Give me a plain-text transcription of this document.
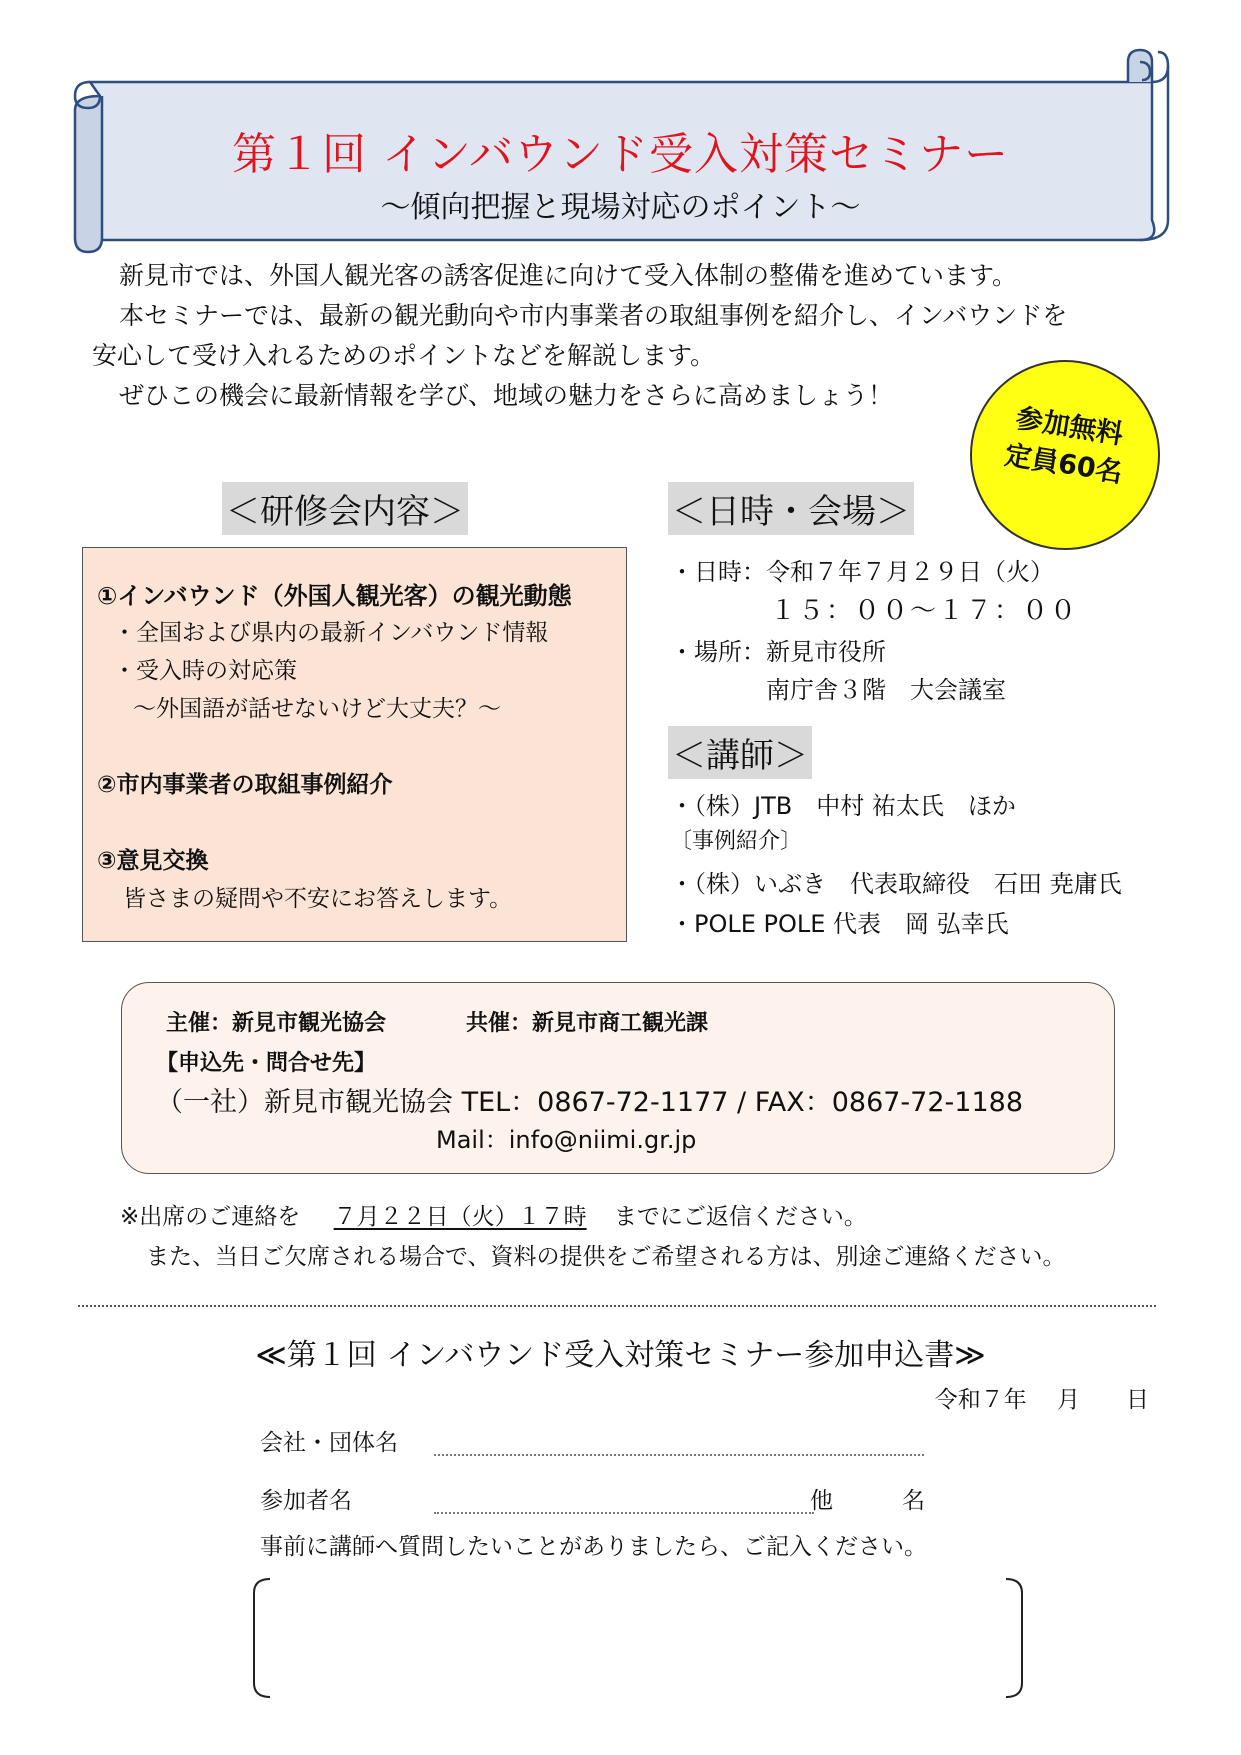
第１回 インバウンド受入対策セミナー
～傾向把握と現場対応のポイント～

新見市では、外国人観光客の誘客促進に向けて受入体制の整備を進めています。

本セミナーでは、最新の観光動向や市内事業者の取組事例を紹介し、インバウンドを

安心して受け入れるためのポイントなどを解説します。

ぜひこの機会に最新情報を学び、地域の魅力をさらに高めましょう！

参加無料
定員60名
＜研修会内容＞	＜日時・会場＞
①インバウンド（外国人観光客）の観光動態
・全国および県内の最新インバウンド情報
・受入時の対応策
～外国語が話せないけど大丈夫？～
②市内事業者の取組事例紹介
③意見交換
皆さまの疑問や不安にお答えします。
・日時：令和７年７月２９日（火）
１５：００～１７：００
・場所：新見市役所
南庁舎３階　大会議室
＜講師＞
・（株）JTB　中村 祐太氏　ほか
〔事例紹介〕
・（株）いぶき　代表取締役　石田 尭庸氏
・POLE POLE 代表　岡 弘幸氏
主催：新見市観光協会	共催：新見市商工観光課
【申込先・問合せ先】
（一社）新見市観光協会 TEL：0867-72-1177 / FAX：0867-72-1188
Mail：info@niimi.gr.jp
※出席のご連絡を ７月２２日（火）１７時 までにご返信ください。
また、当日ご欠席される場合で、資料の提供をご希望される方は、別途ご連絡ください。
≪第１回 インバウンド受入対策セミナー参加申込書≫
令和７年　 月　　日
会社・団体名
参加者名	他　　　名
事前に講師へ質問したいことがありましたら、ご記入ください。
